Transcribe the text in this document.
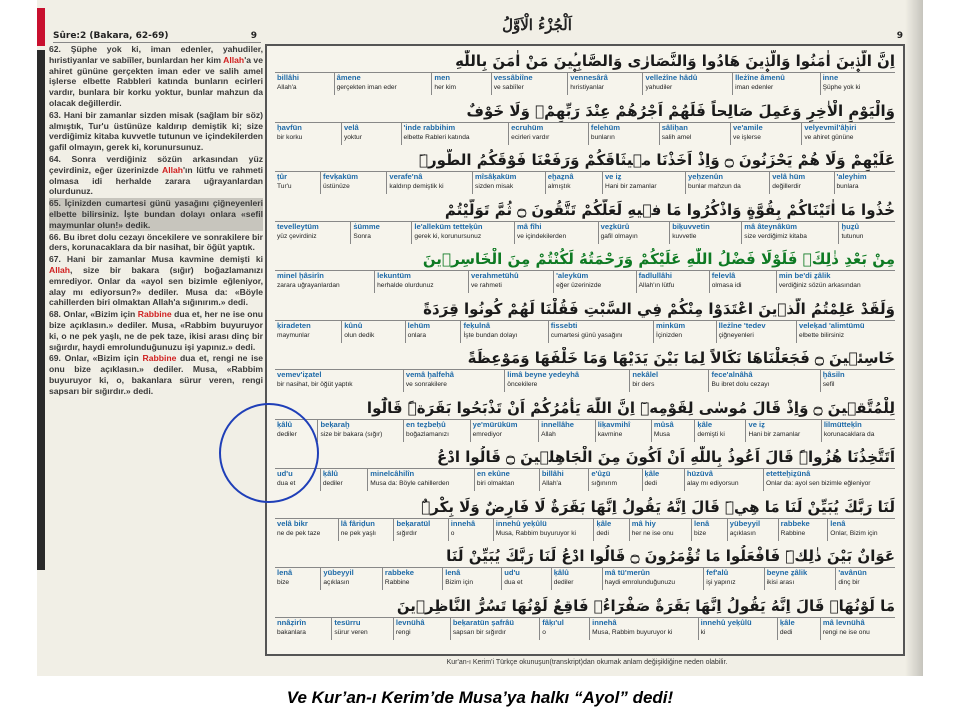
Sûre:2 (Bakara, 62-69)	9
اَلْجُزْءُ الْاَوَّلُ
9

62. Şüphe yok ki, iman edenler, yahudiler, hıristiyanlar ve sabiîler, bunlardan her kim Allah'a ve ahiret gününe gerçekten iman eder ve salih amel işlerse elbette Rabbleri katında bunların ecirleri vardır, bunlara bir korku yoktur, bunlar mahzun da olacak değillerdir.

63. Hani bir zamanlar sizden misak (sağlam bir söz) almıştık, Tur'u üstünüze kaldırıp demiştik ki; size verdiğimiz kitaba kuvvetle tutunun ve içindekilerden gafil olmayın, gerek ki, korunursunuz.

64. Sonra verdiğiniz sözün arkasından yüz çevirdiniz, eğer üzerinizde Allah'ın lütfu ve rahmeti olmasa idi herhalde zarara uğrayanlardan olurdunuz.

65. İçinizden cumartesi günü yasağını çiğneyenleri elbette bilirsiniz. İşte bundan dolayı onlara «sefil maymunlar olun!» dedik.

66. Bu ibret dolu cezayı öncekilere ve sonrakilere bir ders, korunacaklara da bir nasihat, bir öğüt yaptık.

67. Hani bir zamanlar Musa kavmine demişti ki Allah, size bir bakara (sığır) boğazlamanızı emrediyor. Onlar da «ayol sen bizimle eğleniyor, alay mı ediyorsun?» dediler. Musa da: «Böyle cahillerden biri olmaktan Allah'a sığınırım.» dedi.

68. Onlar, «Bizim için Rabbine dua et, her ne ise onu bize açıklasın.» dediler. Musa, «Rabbim buyuruyor ki, o ne pek yaşlı, ne de pek taze, ikisi arası dinç bir sığırdır, haydi emrolunduğunuzu işi yapınız.» dedi.

69. Onlar, «Bizim için Rabbine dua et, rengi ne ise onu bize açıklasın.» dediler. Musa, «Rabbim buyuruyor ki, o, bakanlara sürur veren, rengi sapsarı bir sığırdır.» dedi.

اِنَّ الَّذ۪ينَ اٰمَنُوا وَالَّذ۪ينَ هَادُوا وَالنَّصَارٰى وَالصَّابِـ۪ٔينَ مَنْ اٰمَنَ بِاللّٰهِ
billâhi
Allah'a
âmene
gerçekten iman eder
men
her kim
vessâbiîne
ve sabiîler
vennesârâ
hıristiyanlar
velleżîne hâdû
yahudiler
lleżîne âmenû
iman edenler
inne
Şüphe yok ki
وَالْيَوْمِ الْاٰخِرِ وَعَمِلَ صَالِحاً فَلَهُمْ اَجْرُهُمْ عِنْدَ رَبِّهِمْۚ وَلَا خَوْفٌ
ḥavfün
bir korku
velâ
yoktur
'inde rabbihim
elbette Rableri katında
ecruhüm
ecirleri vardır
felehüm
bunların
sâliḥan
salih amel
ve'amile
ve işlerse
velyevmil'âḫiri
ve ahiret gününe
عَلَيْهِمْ وَلَا هُمْ يَحْزَنُونَ ۝ وَاِذْ اَخَذْنَا م۪يثَاقَكُمْ وَرَفَعْنَا فَوْقَكُمُ الطُّورَۜ
ṭûr
Tur'u
fevḳaküm
üstünüze
verafe'nâ
kaldırıp demiştik ki
mîsâḳaküm
sizden misak
eḫaẕnâ
almıştık
ve iẕ
Hani bir zamanlar
yeḥzenûn
bunlar mahzun da
velâ hüm
değillerdir
'aleyhim
bunlara
خُذُوا مَا اٰتَيْنَاكُمْ بِقُوَّةٍ وَاذْكُرُوا مَا ف۪يهِ لَعَلَّكُمْ تَتَّقُونَ ۝ ثُمَّ تَوَلَّيْتُمْ
tevelleytüm
yüz çevirdiniz
ṡümme
Sonra
le'alleküm tetteḳûn
gerek ki, korunursunuz
mâ fîhi
ve içindekilerden
veẕkürû
gafil olmayın
biḳuvvetin
kuvvetle
mâ âteynâküm
size verdiğimiz kitaba
ḫuẕû
tutunun
مِنْ بَعْدِ ذٰلِكَۚ فَلَوْلَا فَضْلُ اللّٰهِ عَلَيْكُمْ وَرَحْمَتُهُ لَكُنْتُمْ مِنَ الْخَاسِر۪ينَ
minel ḫâsirîn
zarara uğrayanlardan
lekuntüm
herhalde olurdunuz
verahmetühû
ve rahmeti
'aleyküm
eğer üzerinizde
fadlullâhi
Allah'ın lütfu
felevlâ
olmasa idi
min be'di ẕâlik
verdiğiniz sözün arkasından
وَلَقَدْ عَلِمْتُمُ الَّذ۪ينَ اعْتَدَوْا مِنْكُمْ فِي السَّبْتِ فَقُلْنَا لَهُمْ كُونُوا قِرَدَةً
ḳiradeten
maymunlar
kûnû
olun dedik
lehüm
onlara
feḳulnâ
İşte bundan dolayı
fissebti
cumartesi günü yasağını
minküm
İçinizden
lleżîne 'tedev
çiğneyenleri
veleḳad 'alimtümü
elbette bilirsiniz
خَاسِئ۪ينَ ۝ فَجَعَلْنَاهَا نَكَالاً لِمَا بَيْنَ يَدَيْهَا وَمَا خَلْفَهَا وَمَوْعِظَةً
vemev'iẓatel
bir nasihat, bir öğüt yaptık
vemâ ḫalfehâ
ve sonrakilere
limâ beyne yedeyhâ
öncekilere
nekâlel
bir ders
fece'alnâhâ
Bu ibret dolu cezayı
ḫâsiîn
sefil
لِلْمُتَّق۪ينَ ۝ وَاِذْ قَالَ مُوسٰى لِقَوْمِه۪ٓ اِنَّ اللّٰهَ يَأْمُرُكُمْ اَنْ تَذْبَحُوا بَقَرَةًۜ قَالُٓوا
ḳâlû
dediler
beḳaraḫ
size bir bakara (sığır)
en teẕbeḥû
boğazlamanızı
ye'mürüküm
emrediyor
innellâhe
Allah
liḳavmihî
kavmine
mûsâ
Musa
ḳâle
demişti ki
ve iẕ
Hani bir zamanlar
lilmütteḳîn
korunacaklara da
اَتَتَّخِذُنَا هُزُواًۜ قَالَ اَعُوذُ بِاللّٰهِ اَنْ اَكُونَ مِنَ الْجَاهِل۪ينَ ۝ قَالُوا ادْعُ
ud'u
dua et
ḳâlû
dediler
minelcâhilîn
Musa da: Böyle cahillerden
en ekûne
biri olmaktan
billâhi
Allah'a
e'ûẕü
sığınırım
ḳâle
dedi
hüzüvâ
alay mı ediyorsun
etetteḫiẕünâ
Onlar da: ayol sen bizimle eğleniyor
لَنَا رَبَّكَ يُبَيِّنْ لَنَا مَا هِيَۜ قَالَ اِنَّهُ يَقُولُ اِنَّهَا بَقَرَةٌ لَا فَارِضٌ وَلَا بِكْرٌۜ
velâ bikr
ne de pek taze
lâ fâriḍun
ne pek yaşlı
beḳaratül
sığırdır
innehâ
o
innehû yeḳûlü
Musa, Rabbim buyuruyor ki
ḳâle
dedi
mâ hiy
her ne ise onu
lenâ
bize
yübeyyil
açıklasın
rabbeke
Rabbine
lenâ
Onlar, Bizim için
عَوَانٌ بَيْنَ ذٰلِكَۜ فَافْعَلُوا مَا تُؤْمَرُونَ ۝ قَالُوا ادْعُ لَنَا رَبَّكَ يُبَيِّنْ لَنَا
lenâ
bize
yübeyyil
açıklasın
rabbeke
Rabbine
lenâ
Bizim için
ud'u
dua et
ḳâlû
dediler
mâ tü'merûn
haydi emrolunduğunuzu
fef'alû
işi yapınız
beyne ẕâlik
ikisi arası
'avânün
dinç bir
مَا لَوْنُهَاۜ قَالَ اِنَّهُ يَقُولُ اِنَّهَا بَقَرَةٌ صَفْرَٓاءُۙ فَاقِعٌ لَوْنُهَا تَسُرُّ النَّاظِر۪ينَ
nnâẓirîn
bakanlara
tesürru
sürur veren
levnühâ
rengi
beḳaratün ṣafrâü
sapsarı bir sığırdır
fâḳı'ul
o
innehâ
Musa, Rabbim buyuruyor ki
innehû yeḳûlü
ki
ḳâle
dedi
mâ levnühâ
rengi ne ise onu
Kur'an-ı Kerim'i Türkçe okunuşun(transkript)dan okumak anlam değişikliğine neden olabilir.
Ve Kur’an-ı Kerim’de Musa’ya halkı “Ayol” dedi!
